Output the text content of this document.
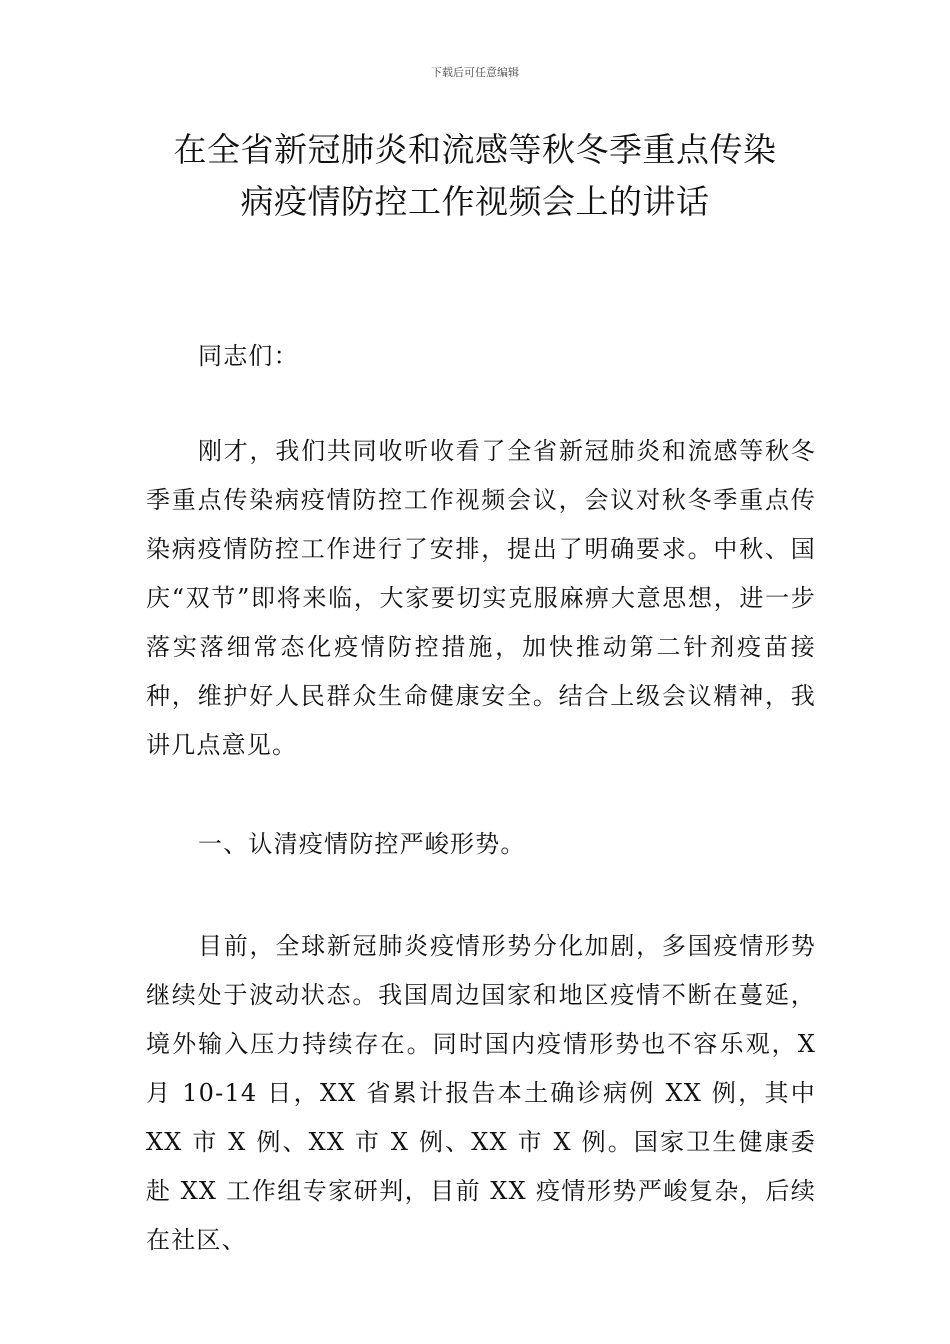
下载后可任意编辑
在全省新冠肺炎和流感等秋冬季重点传染
病疫情防控工作视频会上的讲话
同志们：
刚才，我们共同收听收看了全省新冠肺炎和流感等秋冬季重点传染病疫情防控工作视频会议，会议对秋冬季重点传染病疫情防控工作进行了安排，提出了明确要求。中秋、国庆“双节”即将来临，大家要切实克服麻痹大意思想，进一步落实落细常态化疫情防控措施，加快推动第二针剂疫苗接种，维护好人民群众生命健康安全。结合上级会议精神，我讲几点意见。
一、认清疫情防控严峻形势。
目前，全球新冠肺炎疫情形势分化加剧，多国疫情形势继续处于波动状态。我国周边国家和地区疫情不断在蔓延，境外输入压力持续存在。同时国内疫情形势也不容乐观，X 月 10-14 日，XX 省累计报告本土确诊病例 XX 例，其中 XX 市 X 例、XX 市 X 例、XX 市 X 例。国家卫生健康委赴 XX 工作组专家研判，目前 XX 疫情形势严峻复杂，后续在社区、
